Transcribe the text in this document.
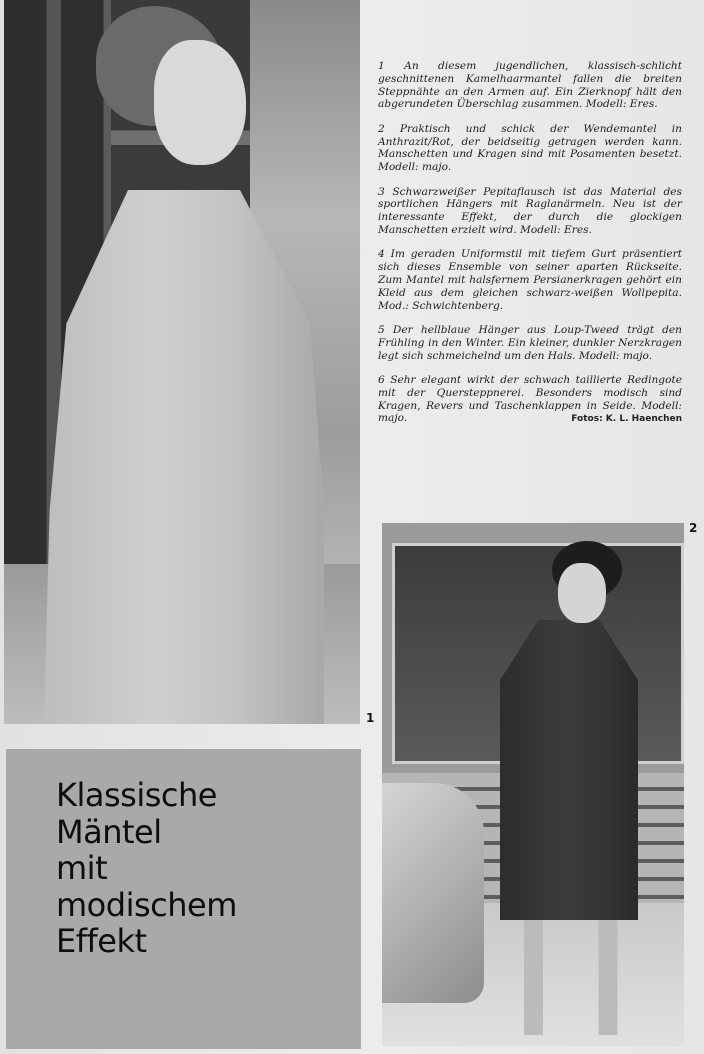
1

1 An diesem jugendlichen, klassisch-schlicht geschnittenen Kamelhaarmantel fallen die breiten Steppnähte an den Armen auf. Ein Zierknopf hält den abgerundeten Überschlag zusammen. Modell: Eres.

2 Praktisch und schick der Wendemantel in Anthrazit/Rot, der beidseitig getragen werden kann. Manschetten und Kragen sind mit Posamenten besetzt. Modell: majo.

3 Schwarzweißer Pepitaflausch ist das Material des sportlichen Hängers mit Raglanärmeln. Neu ist der interessante Effekt, der durch die glockigen Manschetten erzielt wird. Modell: Eres.

4 Im geraden Uniformstil mit tiefem Gurt präsentiert sich dieses Ensemble von seiner aparten Rückseite. Zum Mantel mit halsfernem Persianerkragen gehört ein Kleid aus dem gleichen schwarz-weißen Wollpepita. Mod.: Schwichtenberg.

5 Der hellblaue Hänger aus Loup-Tweed trägt den Frühling in den Winter. Ein kleiner, dunkler Nerzkragen legt sich schmeichelnd um den Hals. Modell: majo.

6 Sehr elegant wirkt der schwach taillierte Redingote mit der Quersteppnerei. Besonders modisch sind Kragen, Revers und Taschenklappen in Seide. Modell: majo.	Fotos: K. L. Haenchen
2
Klassische
Mäntel
mit
modischem
Effekt
